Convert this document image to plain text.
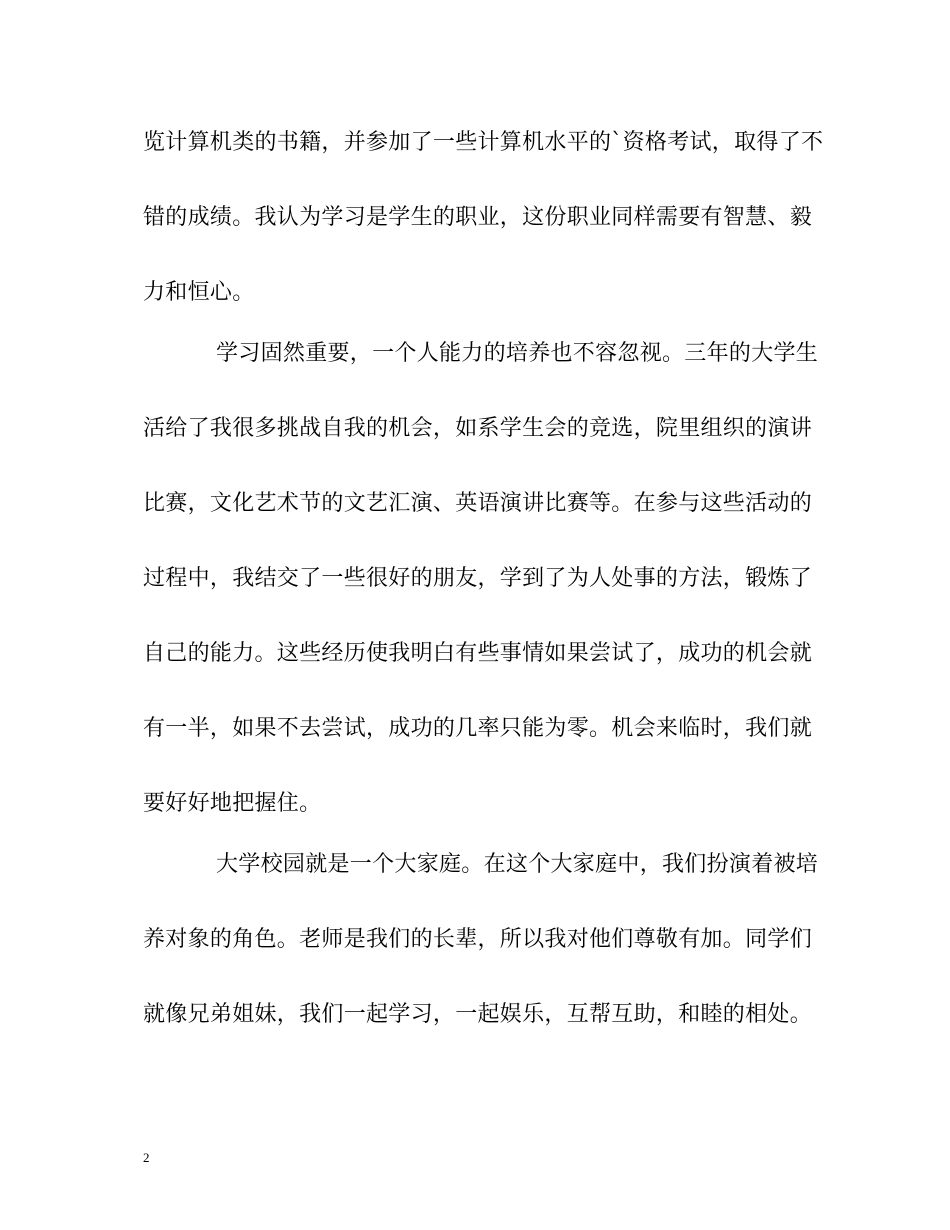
览计算机类的书籍，并参加了一些计算机水平的`资格考试，取得了不
错的成绩。我认为学习是学生的职业，这份职业同样需要有智慧、毅
力和恒心。
学习固然重要，一个人能力的培养也不容忽视。三年的大学生
活给了我很多挑战自我的机会，如系学生会的竞选，院里组织的演讲
比赛，文化艺术节的文艺汇演、英语演讲比赛等。在参与这些活动的
过程中，我结交了一些很好的朋友，学到了为人处事的方法，锻炼了
自己的能力。这些经历使我明白有些事情如果尝试了，成功的机会就
有一半，如果不去尝试，成功的几率只能为零。机会来临时，我们就
要好好地把握住。
大学校园就是一个大家庭。在这个大家庭中，我们扮演着被培
养对象的角色。老师是我们的长辈，所以我对他们尊敬有加。同学们
就像兄弟姐妹，我们一起学习，一起娱乐，互帮互助，和睦的相处。
2
